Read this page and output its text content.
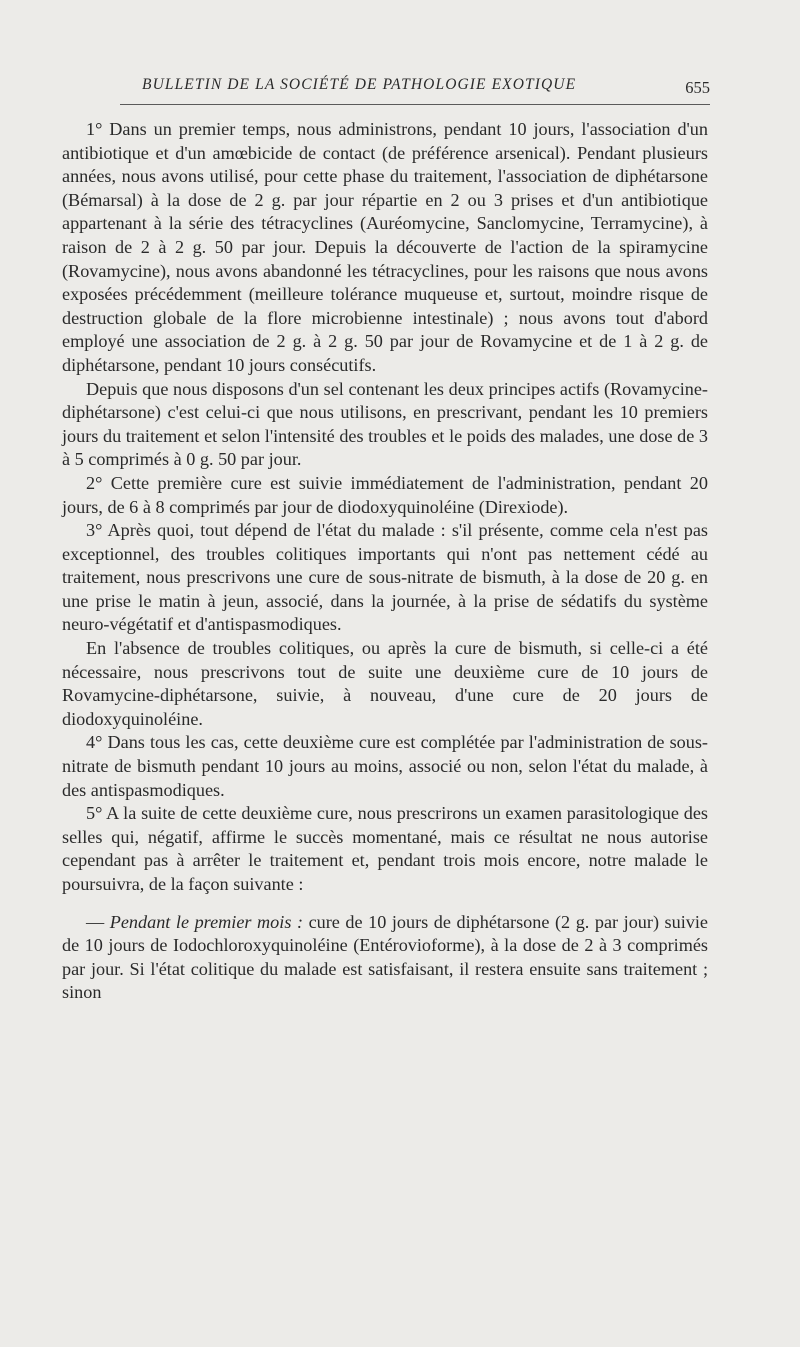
BULLETIN DE LA SOCIÉTÉ DE PATHOLOGIE EXOTIQUE	655

1° Dans un premier temps, nous administrons, pendant 10 jours, l'association d'un antibiotique et d'un amœbicide de contact (de préférence arsenical). Pendant plusieurs années, nous avons utilisé, pour cette phase du traitement, l'association de diphétarsone (Bémarsal) à la dose de 2 g. par jour répartie en 2 ou 3 prises et d'un antibiotique appartenant à la série des tétracyclines (Auréomycine, Sanclomycine, Terramycine), à raison de 2 à 2 g. 50 par jour. Depuis la découverte de l'action de la spiramycine (Rovamycine), nous avons abandonné les tétracyclines, pour les raisons que nous avons exposées précédemment (meilleure tolérance muqueuse et, surtout, moindre risque de destruction globale de la flore microbienne intestinale) ; nous avons tout d'abord employé une association de 2 g. à 2 g. 50 par jour de Rovamycine et de 1 à 2 g. de diphétarsone, pendant 10 jours consécutifs.

Depuis que nous disposons d'un sel contenant les deux principes actifs (Rovamycine-diphétarsone) c'est celui-ci que nous utilisons, en prescrivant, pendant les 10 premiers jours du traitement et selon l'intensité des troubles et le poids des malades, une dose de 3 à 5 comprimés à 0 g. 50 par jour.

2° Cette première cure est suivie immédiatement de l'administration, pendant 20 jours, de 6 à 8 comprimés par jour de diodoxyquinoléine (Direxiode).

3° Après quoi, tout dépend de l'état du malade : s'il présente, comme cela n'est pas exceptionnel, des troubles colitiques importants qui n'ont pas nettement cédé au traitement, nous prescrivons une cure de sous-nitrate de bismuth, à la dose de 20 g. en une prise le matin à jeun, associé, dans la journée, à la prise de sédatifs du système neuro-végétatif et d'antispasmodiques.

En l'absence de troubles colitiques, ou après la cure de bismuth, si celle-ci a été nécessaire, nous prescrivons tout de suite une deuxième cure de 10 jours de Rovamycine-diphétarsone, suivie, à nouveau, d'une cure de 20 jours de diodoxyquinoléine.

4° Dans tous les cas, cette deuxième cure est complétée par l'administration de sous-nitrate de bismuth pendant 10 jours au moins, associé ou non, selon l'état du malade, à des antispasmodiques.

5° A la suite de cette deuxième cure, nous prescrirons un examen parasitologique des selles qui, négatif, affirme le succès momentané, mais ce résultat ne nous autorise cependant pas à arrêter le traitement et, pendant trois mois encore, notre malade le poursuivra, de la façon suivante :

— Pendant le premier mois : cure de 10 jours de diphétarsone (2 g. par jour) suivie de 10 jours de Iodochloroxyquinoléine (Entérovioforme), à la dose de 2 à 3 comprimés par jour. Si l'état colitique du malade est satisfaisant, il restera ensuite sans traitement ; sinon
